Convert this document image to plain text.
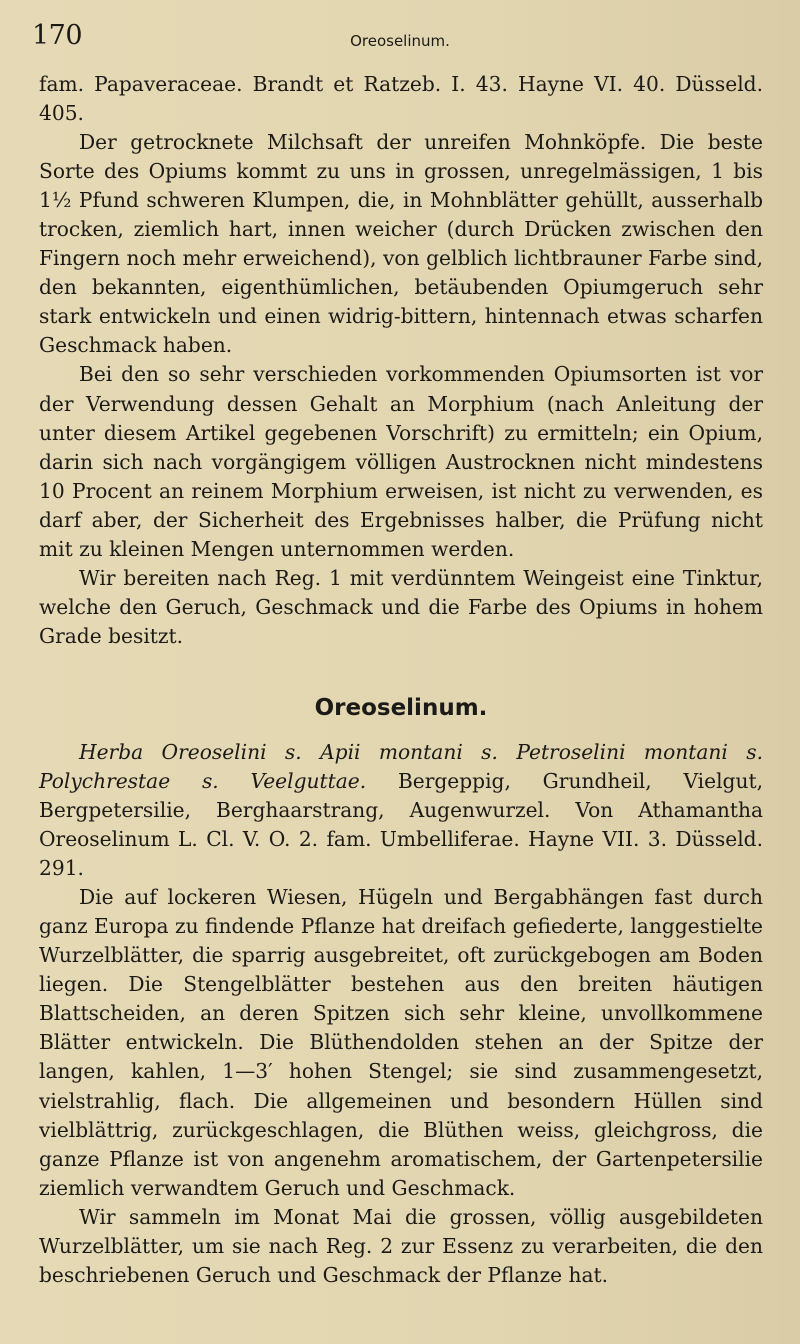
170	Oreoselinum.

fam. Papaveraceae. Brandt et Ratzeb. I. 43. Hayne VI. 40. Düsseld. 405.

Der getrocknete Milchsaft der unreifen Mohnköpfe. Die beste Sorte des Opiums kommt zu uns in grossen, unregelmässigen, 1 bis 1½ Pfund schweren Klumpen, die, in Mohnblätter gehüllt, ausserhalb trocken, ziemlich hart, innen weicher (durch Drücken zwischen den Fingern noch mehr erweichend), von gelblich lichtbrauner Farbe sind, den bekannten, eigenthümlichen, betäubenden Opiumgeruch sehr stark entwickeln und einen widrig-bittern, hintennach etwas scharfen Geschmack haben.

Bei den so sehr verschieden vorkommenden Opiumsorten ist vor der Verwendung dessen Gehalt an Morphium (nach Anleitung der unter diesem Artikel gegebenen Vorschrift) zu ermitteln; ein Opium, darin sich nach vorgängigem völligen Austrocknen nicht mindestens 10 Procent an reinem Morphium erweisen, ist nicht zu verwenden, es darf aber, der Sicherheit des Ergebnisses halber, die Prüfung nicht mit zu kleinen Mengen unternommen werden.

Wir bereiten nach Reg. 1 mit verdünntem Weingeist eine Tinktur, welche den Geruch, Geschmack und die Farbe des Opiums in hohem Grade besitzt.

Oreoselinum.

Herba Oreoselini s. Apii montani s. Petroselini montani s. Polychrestae s. Veelguttae. Bergeppig, Grundheil, Vielgut, Bergpetersilie, Berghaarstrang, Augenwurzel. Von Athamantha Oreoselinum L. Cl. V. O. 2. fam. Umbelliferae. Hayne VII. 3. Düsseld. 291.

Die auf lockeren Wiesen, Hügeln und Bergabhängen fast durch ganz Europa zu findende Pflanze hat dreifach gefiederte, langgestielte Wurzelblätter, die sparrig ausgebreitet, oft zurückgebogen am Boden liegen. Die Stengelblätter bestehen aus den breiten häutigen Blattscheiden, an deren Spitzen sich sehr kleine, unvollkommene Blätter entwickeln. Die Blüthendolden stehen an der Spitze der langen, kahlen, 1—3′ hohen Stengel; sie sind zusammengesetzt, vielstrahlig, flach. Die allgemeinen und besondern Hüllen sind vielblättrig, zurückgeschlagen, die Blüthen weiss, gleichgross, die ganze Pflanze ist von angenehm aromatischem, der Gartenpetersilie ziemlich verwandtem Geruch und Geschmack.

Wir sammeln im Monat Mai die grossen, völlig ausgebildeten Wurzelblätter, um sie nach Reg. 2 zur Essenz zu verarbeiten, die den beschriebenen Geruch und Geschmack der Pflanze hat.
